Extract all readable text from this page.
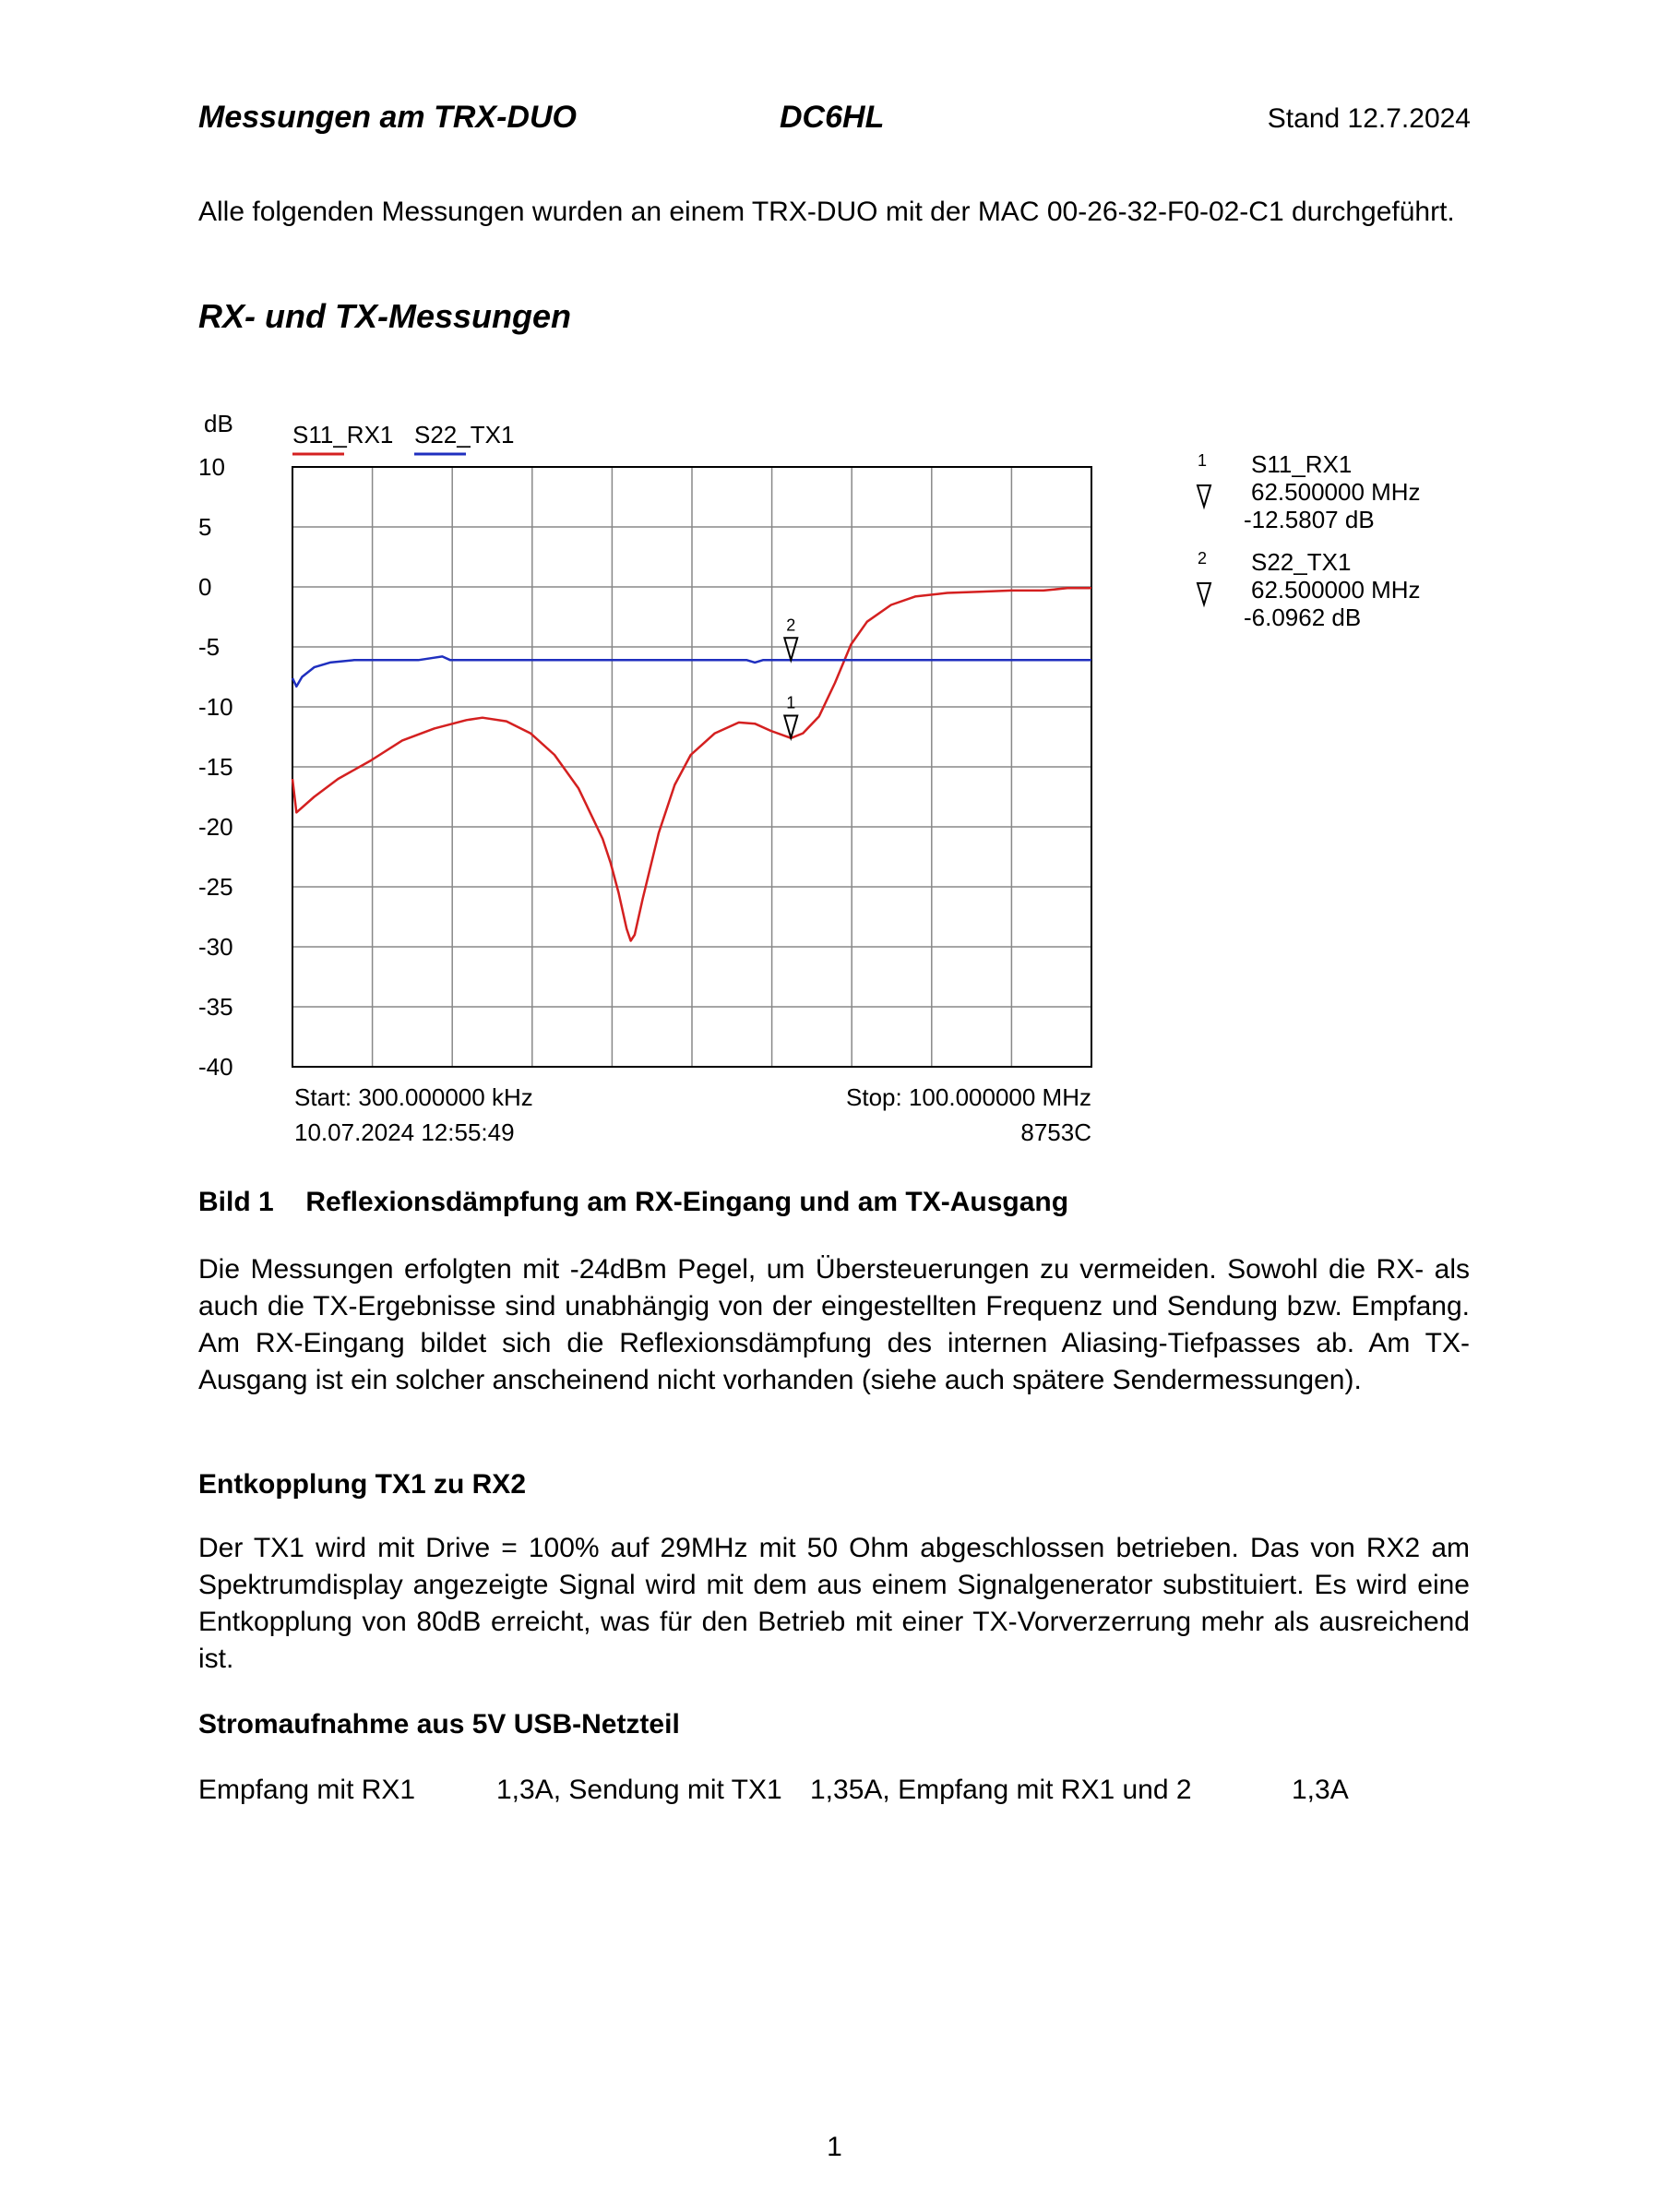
Messungen am TRX-DUO	DC6HL	Stand 12.7.2024
Alle folgenden Messungen wurden an einem TRX-DUO mit der MAC 00-26-32-F0-02-C1 durchgeführt.
RX- und TX-Messungen
dB S11_RX1 S22_TX1
10
5
0
-5
-10
-15
-20
-25
-30
-35
-40
1
2
Start: 300.000000 kHz	Stop: 100.000000 MHz
10.07.2024 12:55:49	8753C
1 S11_RX1
62.500000 MHz
-12.5807 dB
2 S22_TX1
62.500000 MHz
-6.0962 dB
Bild 1 Reflexionsdämpfung am RX-Eingang und am TX-Ausgang
Die Messungen erfolgten mit -24dBm Pegel, um Übersteuerungen zu vermeiden. Sowohl die RX- als auch die TX-Ergebnisse sind unabhängig von der eingestellten Frequenz und Sendung bzw. Empfang. Am RX-Eingang bildet sich die Reflexionsdämpfung des internen Aliasing-Tiefpasses ab. Am TX-Ausgang ist ein solcher anscheinend nicht vorhanden (siehe auch spätere Sendermessungen).
Entkopplung TX1 zu RX2
Der TX1 wird mit Drive = 100% auf 29MHz mit 50 Ohm abgeschlossen betrieben. Das von RX2 am Spektrumdisplay angezeigte Signal wird mit dem aus einem Signalgenerator substituiert. Es wird eine Entkopplung von 80dB erreicht, was für den Betrieb mit einer TX-Vorverzerrung mehr als ausreichend ist.
Stromaufnahme aus 5V USB-Netzteil
Empfang mit RX1	1,3A, Sendung mit TX1 1,35A, Empfang mit RX1 und 2	1,3A
1
